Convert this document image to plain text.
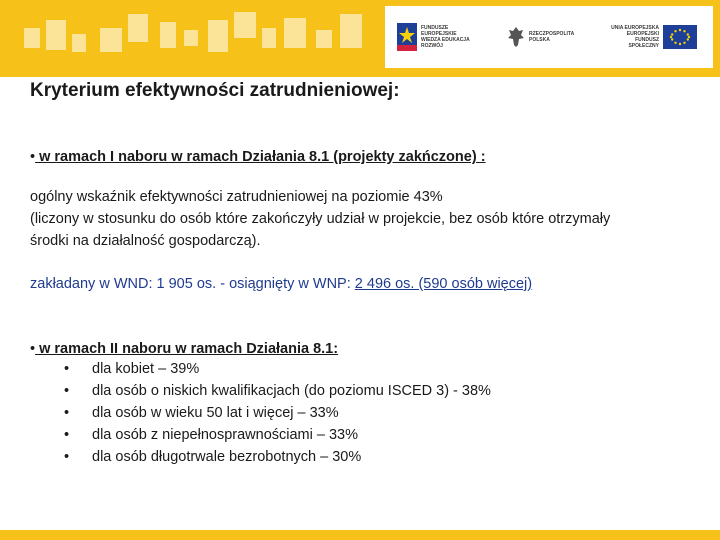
FUNDUSZE EUROPEJSKIE WIEDZA EDUKACJA ROZWÓJ
RZECZPOSPOLITA POLSKA
UNIA EUROPEJSKA EUROPEJSKI FUNDUSZ SPOŁECZNY
Kryterium efektywności zatrudnieniowej:
• w ramach I naboru w ramach Działania 8.1 (projekty zakńczone) :
ogólny wskaźnik efektywności zatrudnieniowej na poziomie 43%
(liczony w stosunku do osób które zakończyły udział w projekcie, bez osób które otrzymały
środki na działalność gospodarczą).
zakładany w WND: 1 905 os. - osiągnięty w WNP: 2 496 os. (590 osób więcej)
• w ramach II naboru w ramach Działania 8.1:
• dla kobiet – 39%
• dla osób o niskich kwalifikacjach (do poziomu ISCED 3) - 38%
• dla osób w wieku 50 lat i więcej – 33%
• dla osób z niepełnosprawnościami – 33%
• dla osób długotrwale bezrobotnych – 30%
